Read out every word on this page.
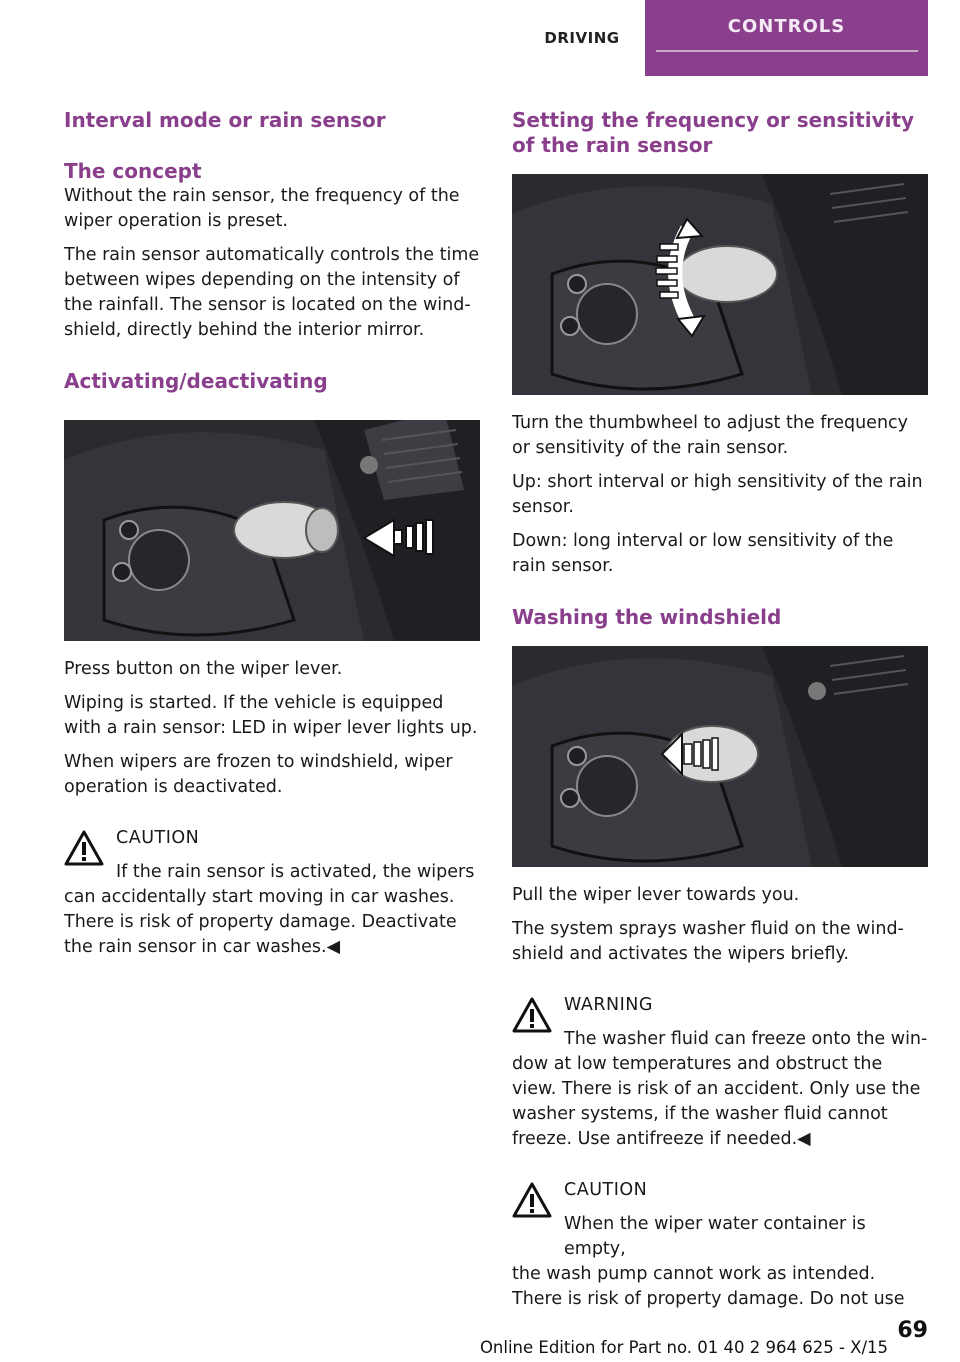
DRIVING
CONTROLS
Interval mode or rain sensor
The concept

Without the rain sensor, the frequency of the wiper operation is preset.

The rain sensor automatically controls the time between wipes depending on the intensity of the rainfall. The sensor is located on the wind-shield, directly behind the interior mirror.

Activating/deactivating

Press button on the wiper lever.

Wiping is started. If the vehicle is equipped with a rain sensor: LED in wiper lever lights up.

When wipers are frozen to windshield, wiper operation is deactivated.

CAUTION

If the rain sensor is activated, the wipers

can accidentally start moving in car washes. There is risk of property damage. Deactivate the rain sensor in car washes.◀

Setting the frequency or sensitivity of the rain sensor

Turn the thumbwheel to adjust the frequency or sensitivity of the rain sensor.

Up: short interval or high sensitivity of the rain sensor.

Down: long interval or low sensitivity of the rain sensor.

Washing the windshield

Pull the wiper lever towards you.

The system sprays washer fluid on the wind-shield and activates the wipers briefly.

WARNING

The washer fluid can freeze onto the win-

dow at low temperatures and obstruct the view. There is risk of an accident. Only use the washer systems, if the washer fluid cannot freeze. Use antifreeze if needed.◀

CAUTION

When the wiper water container is empty,

the wash pump cannot work as intended. There is risk of property damage. Do not use

69
Online Edition for Part no. 01 40 2 964 625 - X/15
